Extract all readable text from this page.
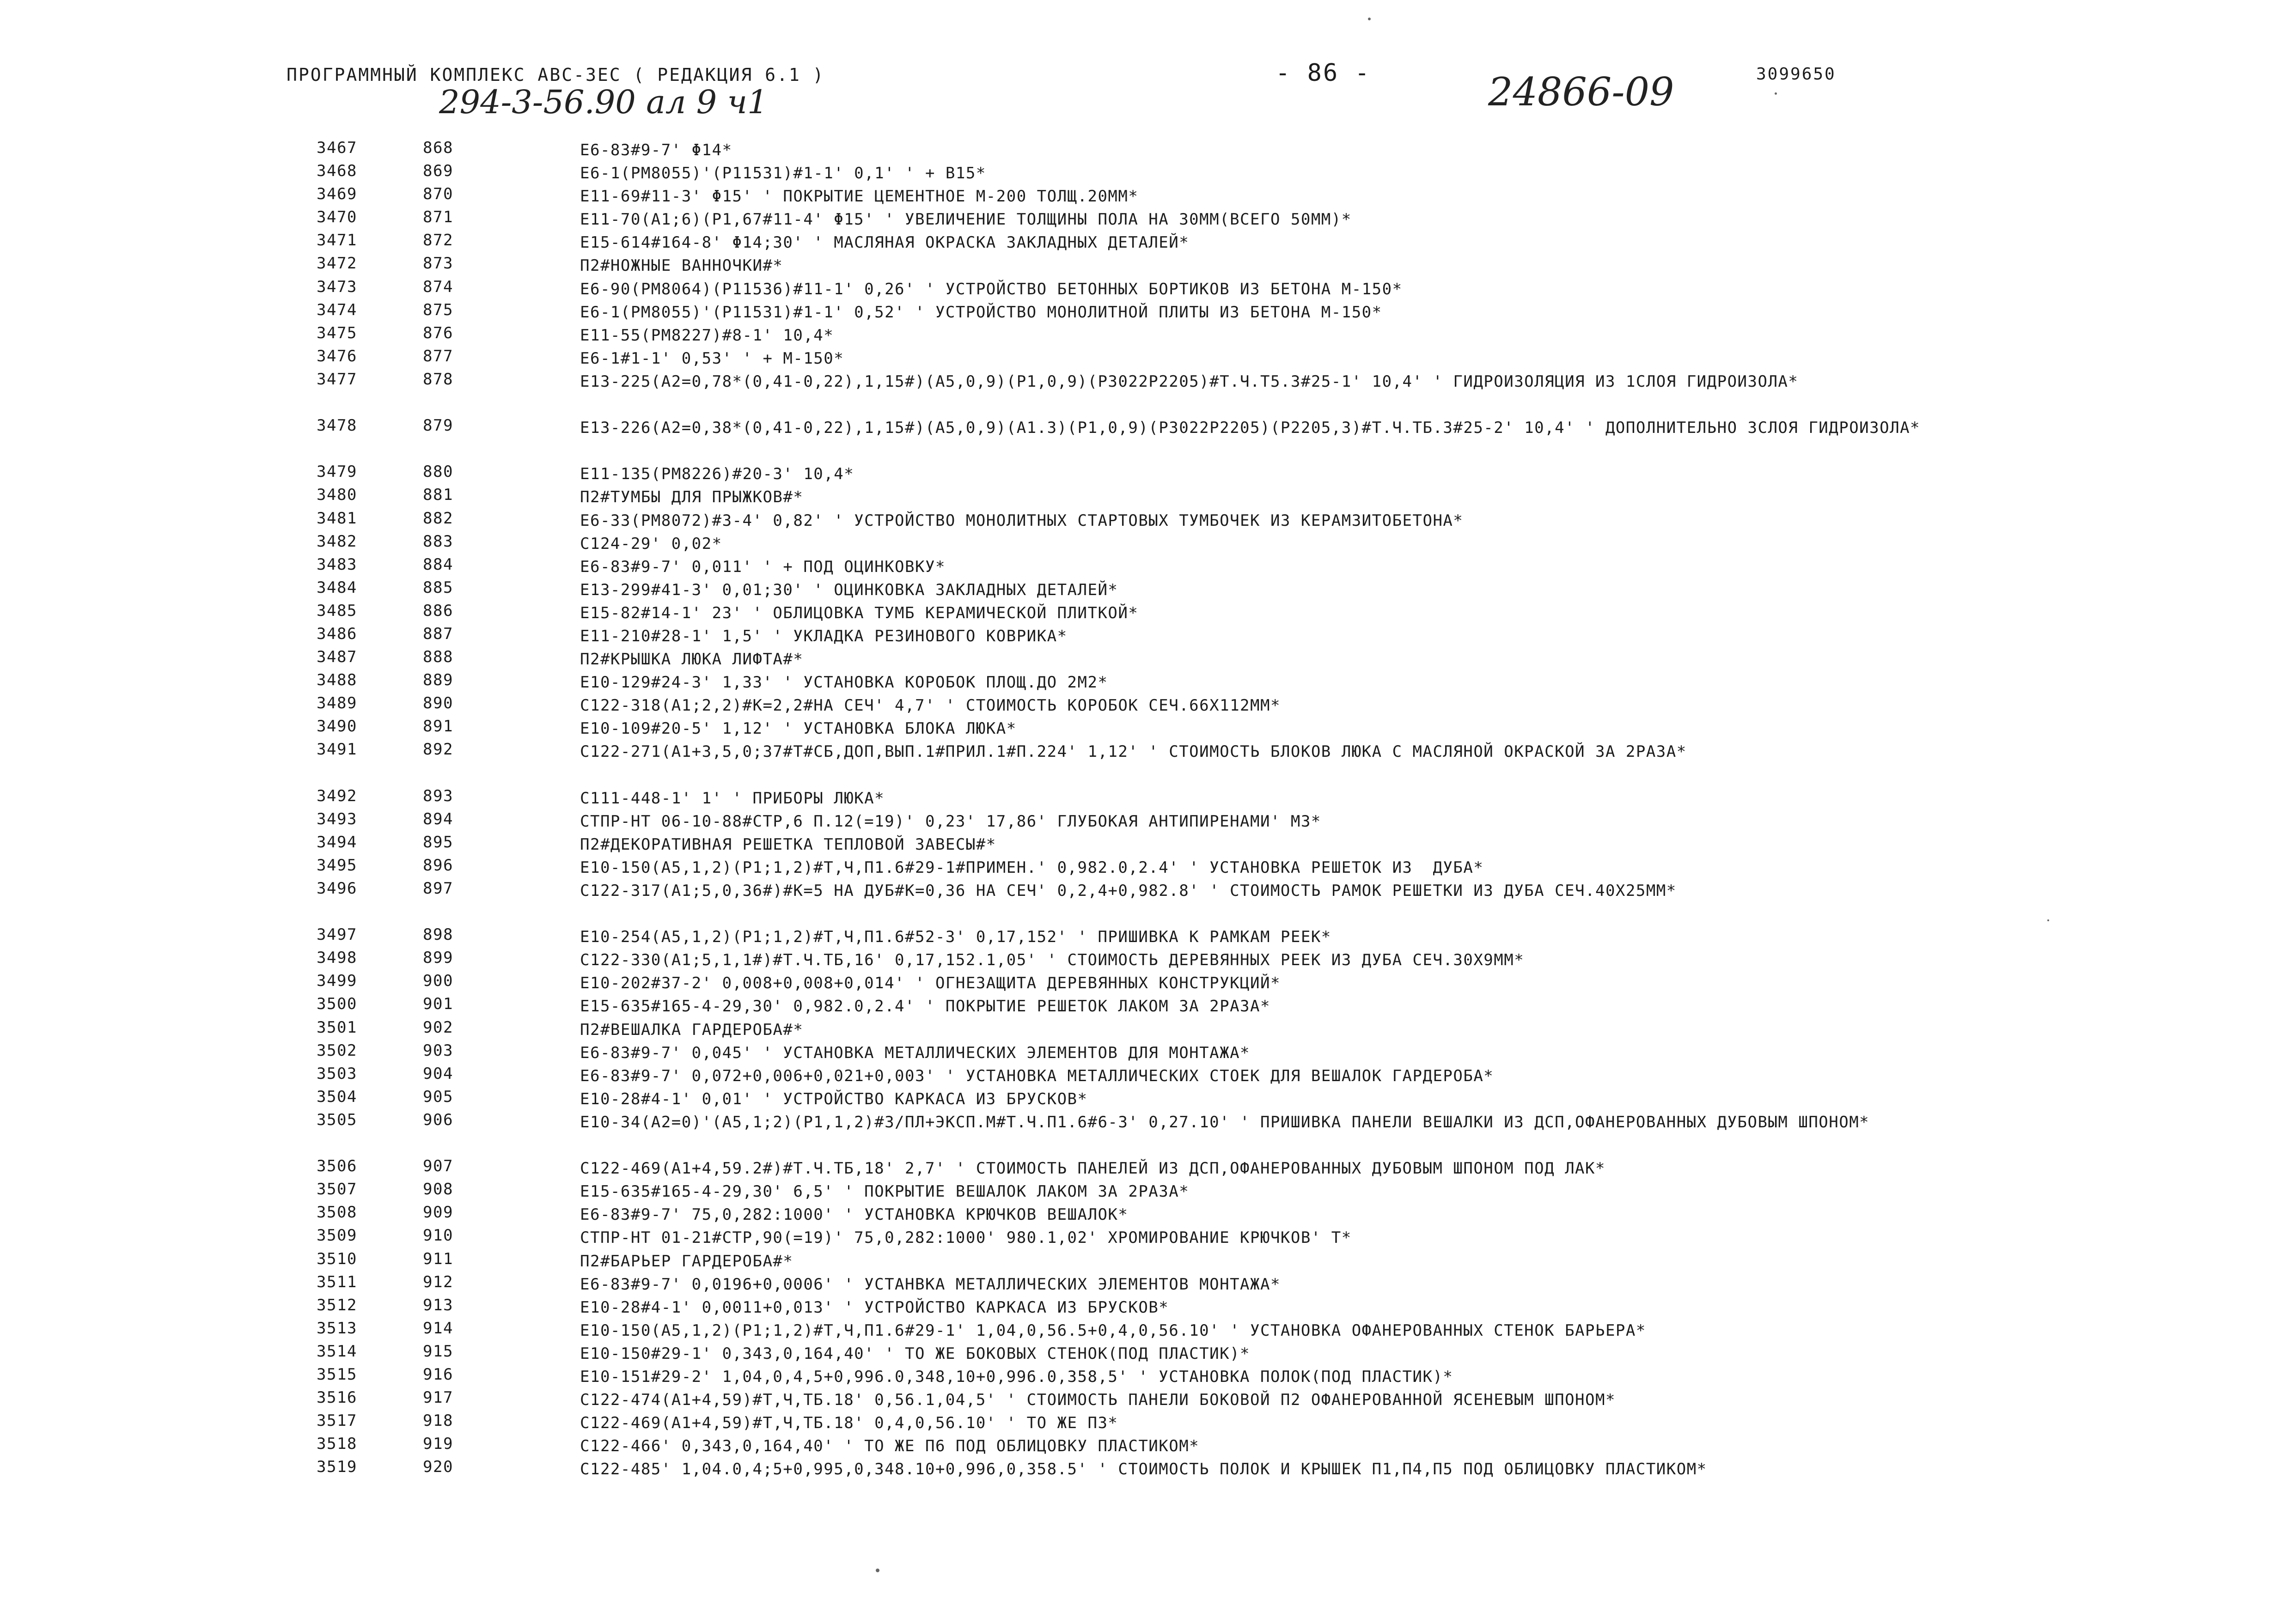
ПРОГРАММНЫЙ КОМПЛЕКС АВС-3ЕС ( РЕДАКЦИЯ 6.1 )	- 86 -	3099650
24866-09
294-3-56.90 ал 9 ч1
3467	868	Е6-83#9-7' Φ14*
3468	869	Е6-1(РМ8055)'(Р11531)#1-1' 0,1' ' + В15*
3469	870	Е11-69#11-3' Φ15' ' ПОКРЫТИЕ ЦЕМЕНТНОЕ М-200 ТОЛЩ.20ММ*
3470	871	Е11-70(А1;6)(Р1,67#11-4' Φ15' ' УВЕЛИЧЕНИЕ ТОЛЩИНЫ ПОЛА НА 30ММ(ВСЕГО 50ММ)*
3471	872	Е15-614#164-8' Φ14;30' ' МАСЛЯНАЯ ОКРАСКА ЗАКЛАДНЫХ ДЕТАЛЕЙ*
3472	873	П2#НОЖНЫЕ ВАННОЧКИ#*
3473	874	Е6-90(РМ8064)(Р11536)#11-1' 0,26' ' УСТРОЙСТВО БЕТОННЫХ БОРТИКОВ ИЗ БЕТОНА М-150*
3474	875	Е6-1(РМ8055)'(Р11531)#1-1' 0,52' ' УСТРОЙСТВО МОНОЛИТНОЙ ПЛИТЫ ИЗ БЕТОНА М-150*
3475	876	Е11-55(РМ8227)#8-1' 10,4*
3476	877	Е6-1#1-1' 0,53' ' + М-150*
3477	878	Е13-225(А2=0,78*(0,41-0,22),1,15#)(А5,0,9)(Р1,0,9)(Р3022Р2205)#Т.Ч.Т5.3#25-1' 10,4' ' ГИДРОИЗОЛЯЦИЯ ИЗ 1СЛОЯ ГИДРОИЗОЛА*
3478	879	Е13-226(А2=0,38*(0,41-0,22),1,15#)(А5,0,9)(А1.3)(Р1,0,9)(Р3022Р2205)(Р2205,3)#Т.Ч.ТБ.3#25-2' 10,4' ' ДОПОЛНИТЕЛЬНО 3СЛОЯ ГИДРОИЗОЛА*
3479	880	Е11-135(РМ8226)#20-3' 10,4*
3480	881	П2#ТУМБЫ ДЛЯ ПРЫЖКОВ#*
3481	882	Е6-33(РМ8072)#3-4' 0,82' ' УСТРОЙСТВО МОНОЛИТНЫХ СТАРТОВЫХ ТУМБОЧЕК ИЗ КЕРАМЗИТОБЕТОНА*
3482	883	С124-29' 0,02*
3483	884	Е6-83#9-7' 0,011' ' + ПОД ОЦИНКОВКУ*
3484	885	Е13-299#41-3' 0,01;30' ' ОЦИНКОВКА ЗАКЛАДНЫХ ДЕТАЛЕЙ*
3485	886	Е15-82#14-1' 23' ' ОБЛИЦОВКА ТУМБ КЕРАМИЧЕСКОЙ ПЛИТКОЙ*
3486	887	Е11-210#28-1' 1,5' ' УКЛАДКА РЕЗИНОВОГО КОВРИКА*
3487	888	П2#КРЫШКА ЛЮКА ЛИФТА#*
3488	889	Е10-129#24-3' 1,33' ' УСТАНОВКА КОРОБОК ПЛОЩ.ДО 2М2*
3489	890	С122-318(А1;2,2)#К=2,2#НА СЕЧ' 4,7' ' СТОИМОСТЬ КОРОБОК СЕЧ.66Х112ММ*
3490	891	Е10-109#20-5' 1,12' ' УСТАНОВКА БЛОКА ЛЮКА*
3491	892	С122-271(А1+3,5,0;37#Т#СБ,ДОП,ВЫП.1#ПРИЛ.1#П.224' 1,12' ' СТОИМОСТЬ БЛОКОВ ЛЮКА С МАСЛЯНОЙ ОКРАСКОЙ ЗА 2РАЗА*
3492	893	С111-448-1' 1' ' ПРИБОРЫ ЛЮКА*
3493	894	СТПР-НТ 06-10-88#СТР,6 П.12(=19)' 0,23' 17,86' ГЛУБОКАЯ АНТИПИРЕНАМИ' М3*
3494	895	П2#ДЕКОРАТИВНАЯ РЕШЕТКА ТЕПЛОВОЙ ЗАВЕСЫ#*
3495	896	Е10-150(А5,1,2)(Р1;1,2)#Т,Ч,П1.6#29-1#ПРИМЕН.' 0,982.0,2.4' ' УСТАНОВКА РЕШЕТОК ИЗ  ДУБА*
3496	897	С122-317(А1;5,0,36#)#К=5 НА ДУБ#К=0,36 НА СЕЧ' 0,2,4+0,982.8' ' СТОИМОСТЬ РАМОК РЕШЕТКИ ИЗ ДУБА СЕЧ.40Х25ММ*
3497	898	Е10-254(А5,1,2)(Р1;1,2)#Т,Ч,П1.6#52-3' 0,17,152' ' ПРИШИВКА К РАМКАМ РЕЕК*
3498	899	С122-330(А1;5,1,1#)#Т.Ч.ТБ,16' 0,17,152.1,05' ' СТОИМОСТЬ ДЕРЕВЯННЫХ РЕЕК ИЗ ДУБА СЕЧ.30Х9ММ*
3499	900	Е10-202#37-2' 0,008+0,008+0,014' ' ОГНЕЗАЩИТА ДЕРЕВЯННЫХ КОНСТРУКЦИЙ*
3500	901	Е15-635#165-4-29,30' 0,982.0,2.4' ' ПОКРЫТИЕ РЕШЕТОК ЛАКОМ ЗА 2РАЗА*
3501	902	П2#ВЕШАЛКА ГАРДЕРОБА#*
3502	903	Е6-83#9-7' 0,045' ' УСТАНОВКА МЕТАЛЛИЧЕСКИХ ЭЛЕМЕНТОВ ДЛЯ МОНТАЖА*
3503	904	Е6-83#9-7' 0,072+0,006+0,021+0,003' ' УСТАНОВКА МЕТАЛЛИЧЕСКИХ СТОЕК ДЛЯ ВЕШАЛОК ГАРДЕРОБА*
3504	905	Е10-28#4-1' 0,01' ' УСТРОЙСТВО КАРКАСА ИЗ БРУСКОВ*
3505	906	Е10-34(А2=0)'(А5,1;2)(Р1,1,2)#3/ПЛ+ЭКСП.М#Т.Ч.П1.6#6-3' 0,27.10' ' ПРИШИВКА ПАНЕЛИ ВЕШАЛКИ ИЗ ДСП,ОФАНЕРОВАННЫХ ДУБОВЫМ ШПОНОМ*
3506	907	С122-469(А1+4,59.2#)#Т.Ч.ТБ,18' 2,7' ' СТОИМОСТЬ ПАНЕЛЕЙ ИЗ ДСП,ОФАНЕРОВАННЫХ ДУБОВЫМ ШПОНОМ ПОД ЛАК*
3507	908	Е15-635#165-4-29,30' 6,5' ' ПОКРЫТИЕ ВЕШАЛОК ЛАКОМ ЗА 2РАЗА*
3508	909	Е6-83#9-7' 75,0,282:1000' ' УСТАНОВКА КРЮЧКОВ ВЕШАЛОК*
3509	910	СТПР-НТ 01-21#СТР,90(=19)' 75,0,282:1000' 980.1,02' ХРОМИРОВАНИЕ КРЮЧКОВ' Т*
3510	911	П2#БАРЬЕР ГАРДЕРОБА#*
3511	912	Е6-83#9-7' 0,0196+0,0006' ' УСТАНВКА МЕТАЛЛИЧЕСКИХ ЭЛЕМЕНТОВ МОНТАЖА*
3512	913	Е10-28#4-1' 0,0011+0,013' ' УСТРОЙСТВО КАРКАСА ИЗ БРУСКОВ*
3513	914	Е10-150(А5,1,2)(Р1;1,2)#Т,Ч,П1.6#29-1' 1,04,0,56.5+0,4,0,56.10' ' УСТАНОВКА ОФАНЕРОВАННЫХ СТЕНОК БАРЬЕРА*
3514	915	Е10-150#29-1' 0,343,0,164,40' ' ТО ЖЕ БОКОВЫХ СТЕНОК(ПОД ПЛАСТИК)*
3515	916	Е10-151#29-2' 1,04,0,4,5+0,996.0,348,10+0,996.0,358,5' ' УСТАНОВКА ПОЛОК(ПОД ПЛАСТИК)*
3516	917	С122-474(А1+4,59)#Т,Ч,ТБ.18' 0,56.1,04,5' ' СТОИМОСТЬ ПАНЕЛИ БОКОВОЙ П2 ОФАНЕРОВАННОЙ ЯСЕНЕВЫМ ШПОНОМ*
3517	918	С122-469(А1+4,59)#Т,Ч,ТБ.18' 0,4,0,56.10' ' ТО ЖЕ П3*
3518	919	С122-466' 0,343,0,164,40' ' ТО ЖЕ П6 ПОД ОБЛИЦОВКУ ПЛАСТИКОМ*
3519	920	С122-485' 1,04.0,4;5+0,995,0,348.10+0,996,0,358.5' ' СТОИМОСТЬ ПОЛОК И КРЫШЕК П1,П4,П5 ПОД ОБЛИЦОВКУ ПЛАСТИКОМ*
